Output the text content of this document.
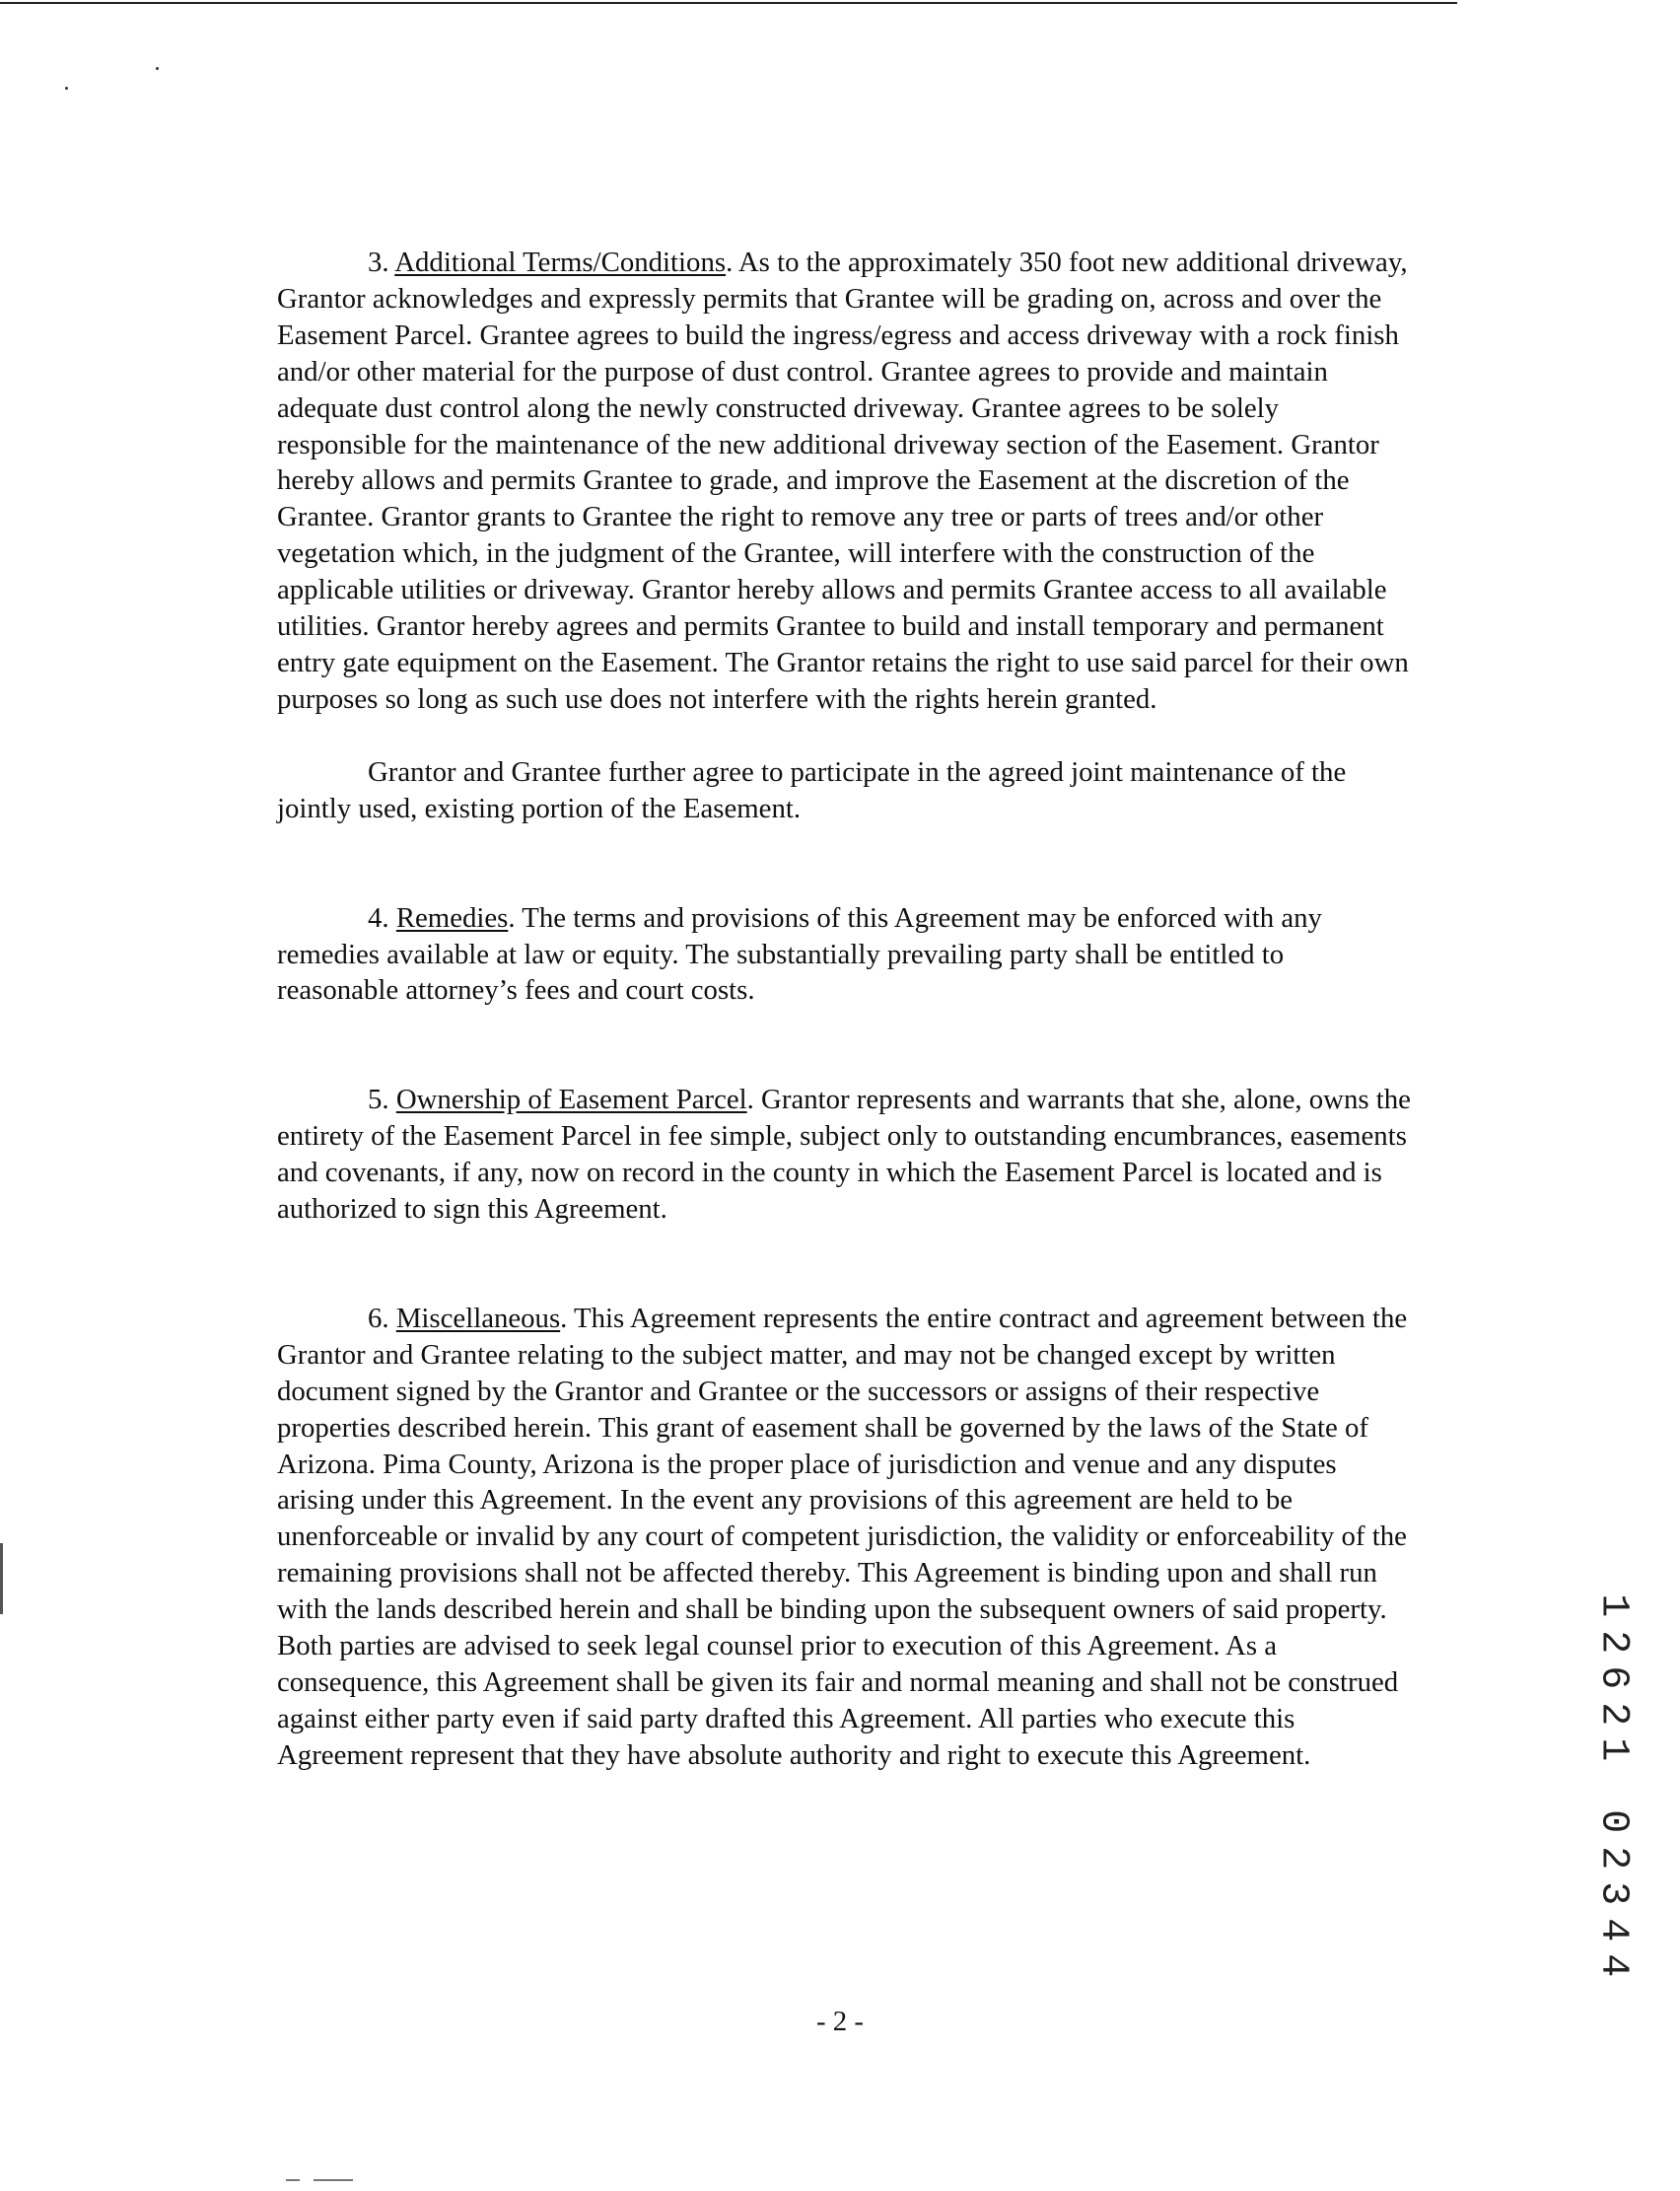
3. Additional Terms/Conditions. As to the approximately 350 foot new additional driveway, Grantor acknowledges and expressly permits that Grantee will be grading on, across and over the Easement Parcel. Grantee agrees to build the ingress/egress and access driveway with a rock finish and/or other material for the purpose of dust control. Grantee agrees to provide and maintain adequate dust control along the newly constructed driveway. Grantee agrees to be solely responsible for the maintenance of the new additional driveway section of the Easement. Grantor hereby allows and permits Grantee to grade, and improve the Easement at the discretion of the Grantee. Grantor grants to Grantee the right to remove any tree or parts of trees and/or other vegetation which, in the judgment of the Grantee, will interfere with the construction of the applicable utilities or driveway. Grantor hereby allows and permits Grantee access to all available utilities. Grantor hereby agrees and permits Grantee to build and install temporary and permanent entry gate equipment on the Easement. The Grantor retains the right to use said parcel for their own purposes so long as such use does not interfere with the rights herein granted.

Grantor and Grantee further agree to participate in the agreed joint maintenance of the jointly used, existing portion of the Easement.

4. Remedies. The terms and provisions of this Agreement may be enforced with any remedies available at law or equity. The substantially prevailing party shall be entitled to reasonable attorney’s fees and court costs.

5. Ownership of Easement Parcel. Grantor represents and warrants that she, alone, owns the entirety of the Easement Parcel in fee simple, subject only to outstanding encumbrances, easements and covenants, if any, now on record in the county in which the Easement Parcel is located and is authorized to sign this Agreement.

6. Miscellaneous. This Agreement represents the entire contract and agreement between the Grantor and Grantee relating to the subject matter, and may not be changed except by written document signed by the Grantor and Grantee or the successors or assigns of their respective properties described herein. This grant of easement shall be governed by the laws of the State of Arizona. Pima County, Arizona is the proper place of jurisdiction and venue and any disputes arising under this Agreement. In the event any provisions of this agreement are held to be unenforceable or invalid by any court of competent jurisdiction, the validity or enforceability of the remaining provisions shall not be affected thereby. This Agreement is binding upon and shall run with the lands described herein and shall be binding upon the subsequent owners of said property. Both parties are advised to seek legal counsel prior to execution of this Agreement. As a consequence, this Agreement shall be given its fair and normal meaning and shall not be construed against either party even if said party drafted this Agreement. All parties who execute this Agreement represent that they have absolute authority and right to execute this Agreement.

1
2
6
2
1

0
2
3
4
4
- 2 -
